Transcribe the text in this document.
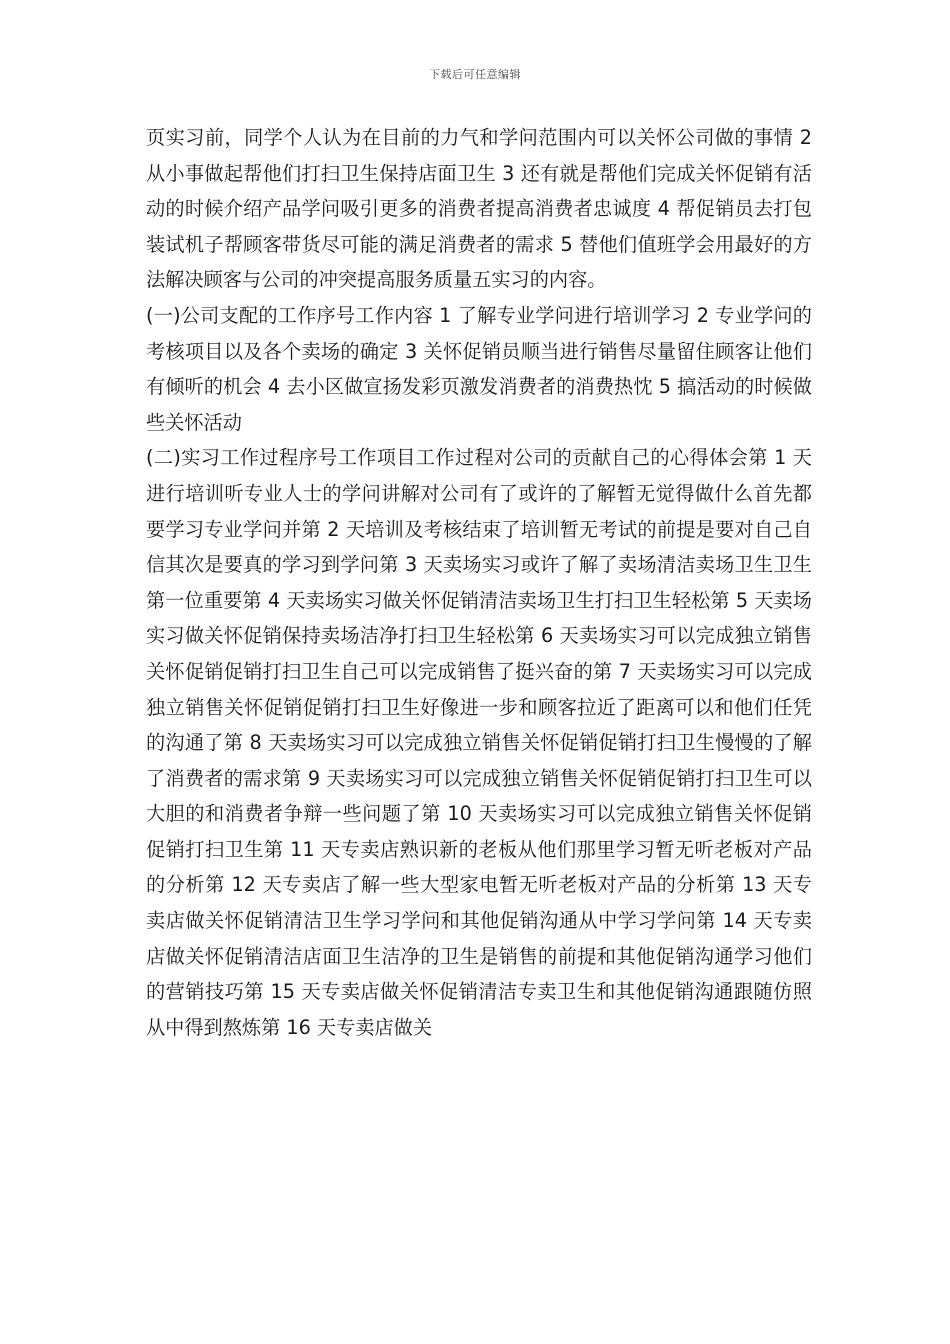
下载后可任意编辑

页实习前，同学个人认为在目前的力气和学问范围内可以关怀公司做的事情 2 从小事做起帮他们打扫卫生保持店面卫生 3 还有就是帮他们完成关怀促销有活动的时候介绍产品学问吸引更多的消费者提高消费者忠诚度 4 帮促销员去打包装试机子帮顾客带货尽可能的满足消费者的需求 5 替他们值班学会用最好的方法解决顾客与公司的冲突提高服务质量五实习的内容。

(一)公司支配的工作序号工作内容 1 了解专业学问进行培训学习 2 专业学问的考核项目以及各个卖场的确定 3 关怀促销员顺当进行销售尽量留住顾客让他们有倾听的机会 4 去小区做宣扬发彩页激发消费者的消费热忱 5 搞活动的时候做些关怀活动

(二)实习工作过程序号工作项目工作过程对公司的贡献自己的心得体会第 1 天进行培训听专业人士的学问讲解对公司有了或许的了解暂无觉得做什么首先都要学习专业学问并第 2 天培训及考核结束了培训暂无考试的前提是要对自己自信其次是要真的学习到学问第 3 天卖场实习或许了解了卖场清洁卖场卫生卫生第一位重要第 4 天卖场实习做关怀促销清洁卖场卫生打扫卫生轻松第 5 天卖场实习做关怀促销保持卖场洁净打扫卫生轻松第 6 天卖场实习可以完成独立销售关怀促销促销打扫卫生自己可以完成销售了挺兴奋的第 7 天卖场实习可以完成独立销售关怀促销促销打扫卫生好像进一步和顾客拉近了距离可以和他们任凭的沟通了第 8 天卖场实习可以完成独立销售关怀促销促销打扫卫生慢慢的了解了消费者的需求第 9 天卖场实习可以完成独立销售关怀促销促销打扫卫生可以大胆的和消费者争辩一些问题了第 10 天卖场实习可以完成独立销售关怀促销促销打扫卫生第 11 天专卖店熟识新的老板从他们那里学习暂无听老板对产品的分析第 12 天专卖店了解一些大型家电暂无听老板对产品的分析第 13 天专卖店做关怀促销清洁卫生学习学问和其他促销沟通从中学习学问第 14 天专卖店做关怀促销清洁店面卫生洁净的卫生是销售的前提和其他促销沟通学习他们的营销技巧第 15 天专卖店做关怀促销清洁专卖卫生和其他促销沟通跟随仿照从中得到熬炼第 16 天专卖店做关
